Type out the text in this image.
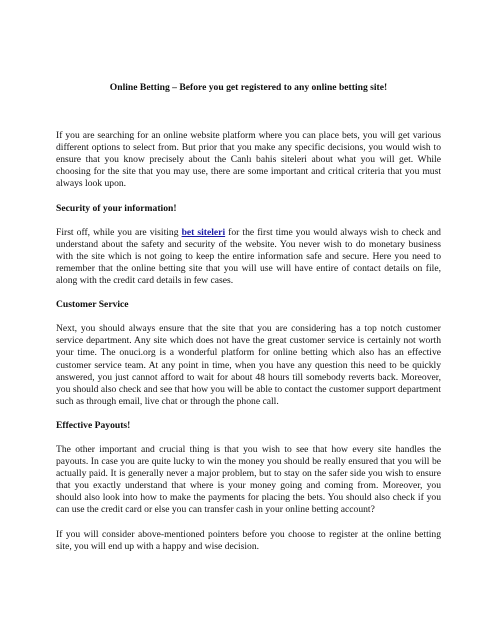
Online Betting – Before you get registered to any online betting site!

If you are searching for an online website platform where you can place bets, you will get various different options to select from. But prior that you make any specific decisions, you would wish to ensure that you know precisely about the Canlı bahis siteleri about what you will get. While choosing for the site that you may use, there are some important and critical criteria that you must always look upon.

Security of your information!

First off, while you are visiting bet siteleri for the first time you would always wish to check and understand about the safety and security of the website. You never wish to do monetary business with the site which is not going to keep the entire information safe and secure. Here you need to remember that the online betting site that you will use will have entire of contact details on file, along with the credit card details in few cases.

Customer Service

Next, you should always ensure that the site that you are considering has a top notch customer service department. Any site which does not have the great customer service is certainly not worth your time. The onuci.org is a wonderful platform for online betting which also has an effective customer service team. At any point in time, when you have any question this need to be quickly answered, you just cannot afford to wait for about 48 hours till somebody reverts back. Moreover, you should also check and see that how you will be able to contact the customer support department such as through email, live chat or through the phone call.

Effective Payouts!

The other important and crucial thing is that you wish to see that how every site handles the payouts. In case you are quite lucky to win the money you should be really ensured that you will be actually paid. It is generally never a major problem, but to stay on the safer side you wish to ensure that you exactly understand that where is your money going and coming from. Moreover, you should also look into how to make the payments for placing the bets. You should also check if you can use the credit card or else you can transfer cash in your online betting account?

If you will consider above-mentioned pointers before you choose to register at the online betting site, you will end up with a happy and wise decision.
